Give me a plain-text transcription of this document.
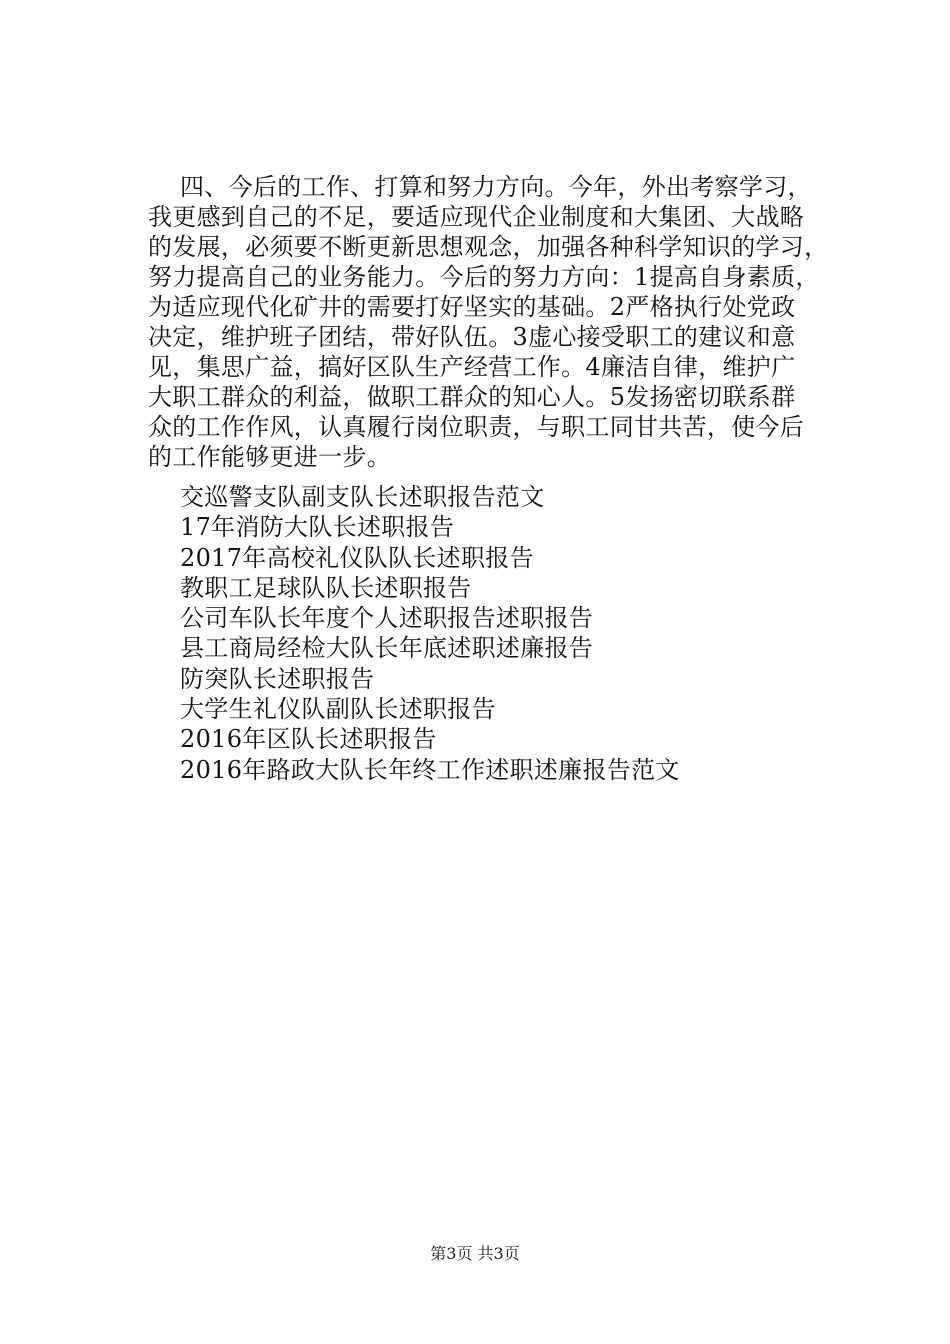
四、今后的工作、打算和努力方向。今年，外出考察学习，
我更感到自己的不足，要适应现代企业制度和大集团、大战略
的发展，必须要不断更新思想观念，加强各种科学知识的学习，
努力提高自己的业务能力。今后的努力方向：1提高自身素质，
为适应现代化矿井的需要打好坚实的基础。2严格执行处党政
决定，维护班子团结，带好队伍。3虚心接受职工的建议和意
见，集思广益，搞好区队生产经营工作。4廉洁自律，维护广
大职工群众的利益，做职工群众的知心人。5发扬密切联系群
众的工作作风，认真履行岗位职责，与职工同甘共苦，使今后
的工作能够更进一步。
交巡警支队副支队长述职报告范文
17年消防大队长述职报告
2017年高校礼仪队队长述职报告
教职工足球队队长述职报告
公司车队长年度个人述职报告述职报告
县工商局经检大队长年底述职述廉报告
防突队长述职报告
大学生礼仪队副队长述职报告
2016年区队长述职报告
2016年路政大队长年终工作述职述廉报告范文
第3页 共3页
